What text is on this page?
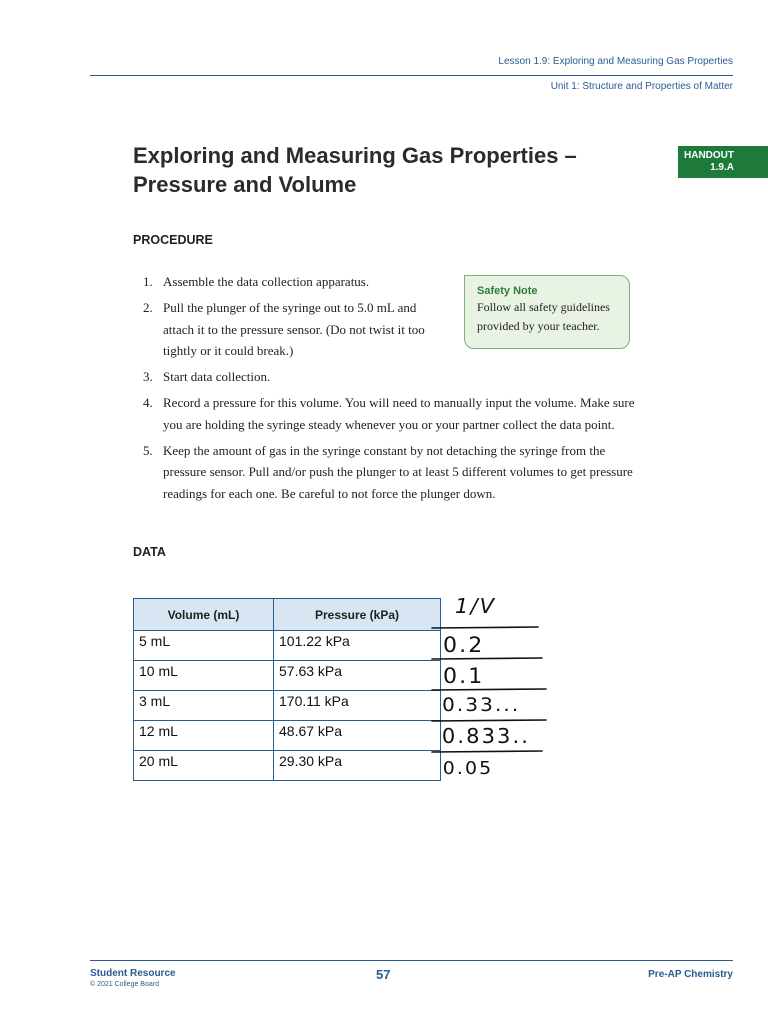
Lesson 1.9: Exploring and Measuring Gas Properties
Unit 1: Structure and Properties of Matter
Exploring and Measuring Gas Properties –
Pressure and Volume
HANDOUT
1.9.A
PROCEDURE
1. Assemble the data collection apparatus.
2. Pull the plunger of the syringe out to 5.0 mL and attach it to the pressure sensor. (Do not twist it too tightly or it could break.)
3. Start data collection.
4. Record a pressure for this volume. You will need to manually input the volume. Make sure you are holding the syringe steady whenever you or your partner collect the data point.
5. Keep the amount of gas in the syringe constant by not detaching the syringe from the pressure sensor. Pull and/or push the plunger to at least 5 different volumes to get pressure readings for each one. Be careful to not force the plunger down.
Safety Note
Follow all safety guidelines provided by your teacher.
DATA
Volume (mL)	Pressure (kPa)
5 mL	101.22 kPa
10 mL	57.63 kPa
3 mL	170.11 kPa
12 mL	48.67 kPa
20 mL	29.30 kPa
1/V
0.2
0.1
0.33...
0.833..
0.05
Student Resource
© 2021 College Board
57	Pre-AP Chemistry
